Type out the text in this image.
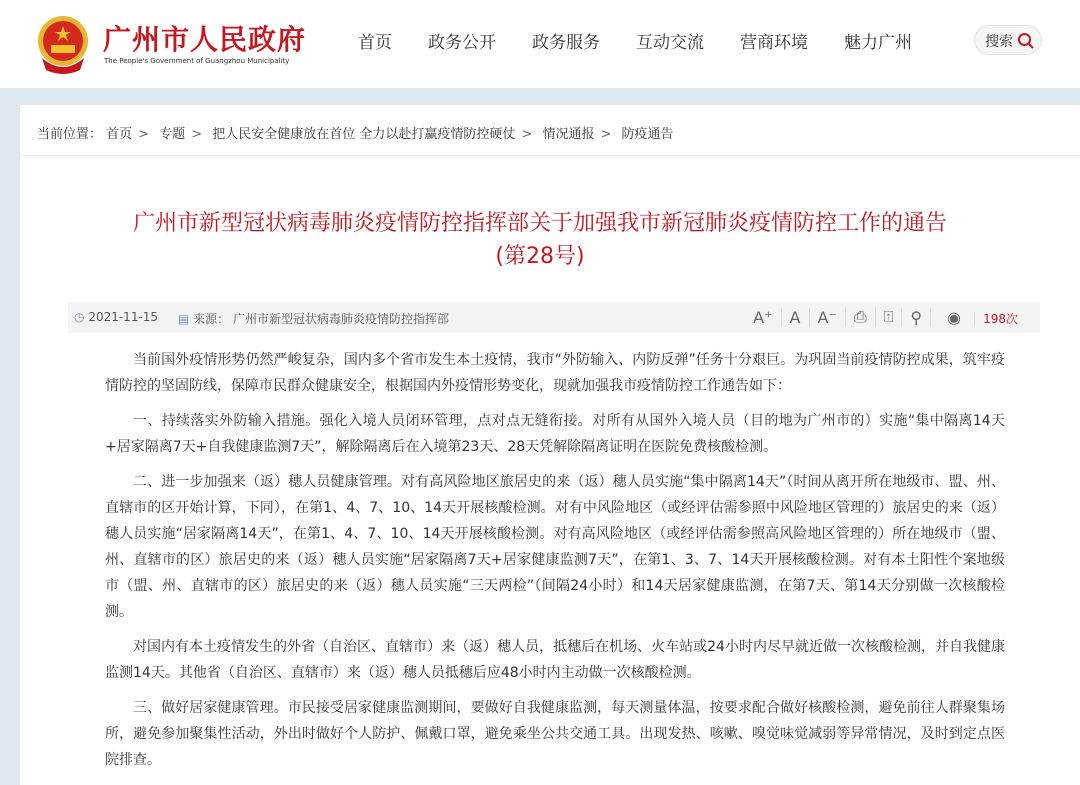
广州市人民政府
The People's Government of Guangzhou Municipality
首页 政务公开 政务服务 互动交流 营商环境 魅力广州	搜索
当前位置： 首页 > 专题 > 把人民安全健康放在首位 全力以赴打赢疫情防控硬仗 > 情况通报 > 防疫通告
广州市新型冠状病毒肺炎疫情防控指挥部关于加强我市新冠肺炎疫情防控工作的通告
(第28号)
◷ 2021-11-15 ▤ 来源： 广州市新型冠状病毒肺炎疫情防控指挥部	A⁺	A	A⁻	⎙	⍐	⚲	◉ 198次

当前国外疫情形势仍然严峻复杂，国内多个省市发生本土疫情，我市“外防输入、内防反弹”任务十分艰巨。为巩固当前疫情防控成果，筑牢疫情防控的坚固防线，保障市民群众健康安全，根据国内外疫情形势变化，现就加强我市疫情防控工作通告如下：

一、持续落实外防输入措施。强化入境人员闭环管理，点对点无缝衔接。对所有从国外入境人员（目的地为广州市的）实施“集中隔离14天+居家隔离7天+自我健康监测7天”，解除隔离后在入境第23天、28天凭解除隔离证明在医院免费核酸检测。

二、进一步加强来（返）穗人员健康管理。对有高风险地区旅居史的来（返）穗人员实施“集中隔离14天”（时间从离开所在地级市、盟、州、直辖市的区开始计算，下同），在第1、4、7、10、14天开展核酸检测。对有中风险地区（或经评估需参照中风险地区管理的）旅居史的来（返）穗人员实施“居家隔离14天”，在第1、4、7、10、14天开展核酸检测。对有高风险地区（或经评估需参照高风险地区管理的）所在地级市（盟、州、直辖市的区）旅居史的来（返）穗人员实施“居家隔离7天+居家健康监测7天”，在第1、3、7、14天开展核酸检测。对有本土阳性个案地级市（盟、州、直辖市的区）旅居史的来（返）穗人员实施“三天两检”（间隔24小时）和14天居家健康监测，在第7天、第14天分别做一次核酸检测。

对国内有本土疫情发生的外省（自治区、直辖市）来（返）穗人员，抵穗后在机场、火车站或24小时内尽早就近做一次核酸检测，并自我健康监测14天。其他省（自治区、直辖市）来（返）穗人员抵穗后应48小时内主动做一次核酸检测。

三、做好居家健康管理。市民接受居家健康监测期间，要做好自我健康监测，每天测量体温，按要求配合做好核酸检测，避免前往人群聚集场所，避免参加聚集性活动，外出时做好个人防护、佩戴口罩，避免乘坐公共交通工具。出现发热、咳嗽、嗅觉味觉减弱等异常情况，及时到定点医院排查。
